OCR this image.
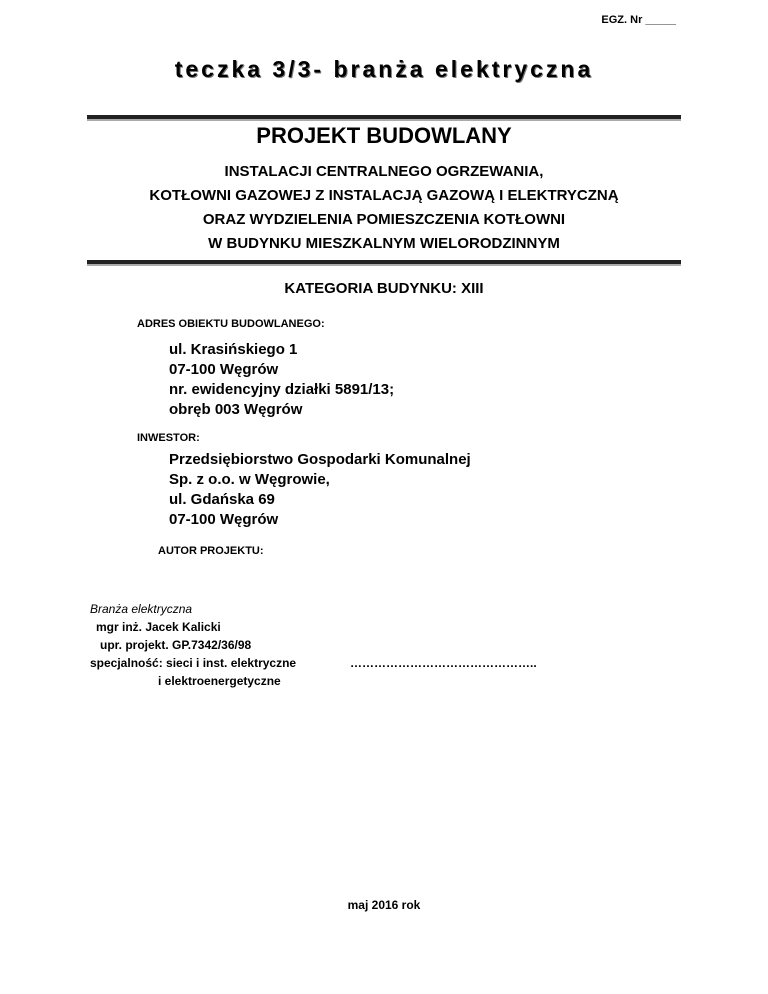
EGZ. Nr _____
teczka 3/3- branża elektryczna
PROJEKT BUDOWLANY
INSTALACJI CENTRALNEGO OGRZEWANIA,
KOTŁOWNI GAZOWEJ Z INSTALACJĄ GAZOWĄ I ELEKTRYCZNĄ
ORAZ WYDZIELENIA POMIESZCZENIA KOTŁOWNI
W BUDYNKU MIESZKALNYM WIELORODZINNYM
KATEGORIA BUDYNKU: XIII
ADRES OBIEKTU BUDOWLANEGO:
ul. Krasińskiego 1
07-100 Węgrów
nr. ewidencyjny działki 5891/13;
obręb 003 Węgrów
INWESTOR:
Przedsiębiorstwo Gospodarki Komunalnej
Sp. z o.o. w Węgrowie,
ul. Gdańska 69
07-100 Węgrów
AUTOR PROJEKTU:
Branża elektryczna
mgr inż. Jacek Kalicki
upr. projekt. GP.7342/36/98
specjalność: sieci i inst. elektryczne
i elektroenergetyczne
………………………………………..
maj 2016 rok
